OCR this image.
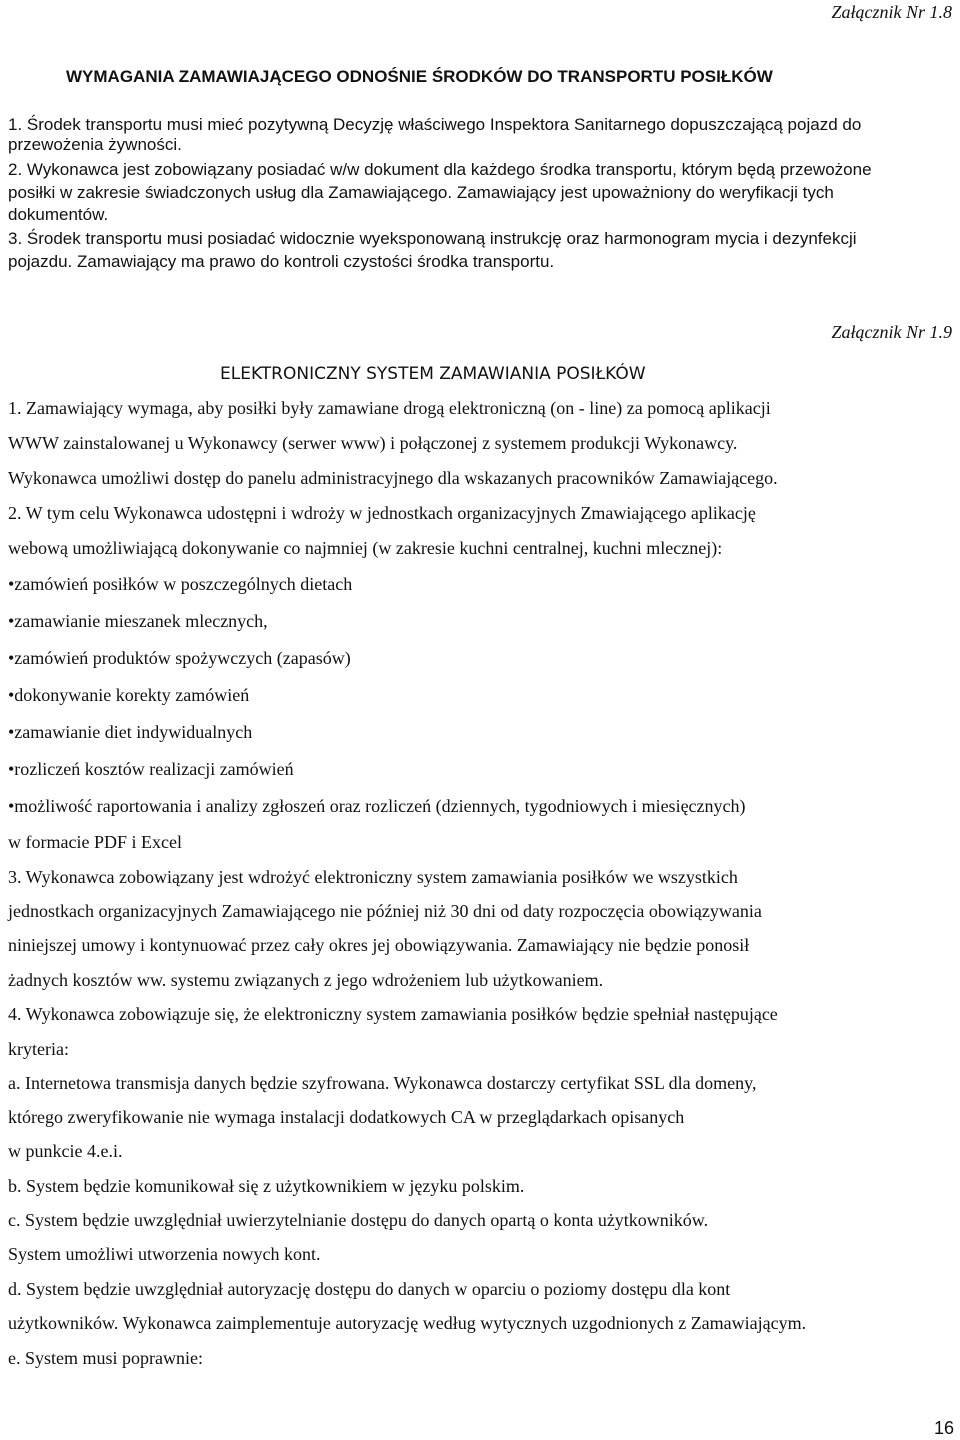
Załącznik Nr 1.8
WYMAGANIA ZAMAWIAJĄCEGO ODNOŚNIE ŚRODKÓW DO TRANSPORTU POSIŁKÓW
1. Środek transportu musi mieć pozytywną Decyzję właściwego Inspektora Sanitarnego dopuszczającą pojazd do
przewożenia żywności.
2. Wykonawca jest zobowiązany posiadać w/w dokument dla każdego środka transportu, którym będą przewożone
posiłki w zakresie świadczonych usług dla Zamawiającego. Zamawiający jest upoważniony do weryfikacji tych
dokumentów.
3. Środek transportu musi posiadać widocznie wyeksponowaną instrukcję oraz harmonogram mycia i dezynfekcji
pojazdu. Zamawiający ma prawo do kontroli czystości środka transportu.
Załącznik Nr 1.9
ELEKTRONICZNY SYSTEM ZAMAWIANIA POSIŁKÓW
1. Zamawiający wymaga, aby posiłki były zamawiane drogą elektroniczną (on - line) za pomocą aplikacji
WWW zainstalowanej u Wykonawcy (serwer www) i połączonej z systemem produkcji Wykonawcy.
Wykonawca umożliwi dostęp do panelu administracyjnego dla wskazanych pracowników Zamawiającego.
2. W tym celu Wykonawca udostępni i wdroży w jednostkach organizacyjnych Zmawiającego aplikację
webową umożliwiającą dokonywanie co najmniej (w zakresie kuchni centralnej, kuchni mlecznej):
•zamówień posiłków w poszczególnych dietach
•zamawianie mieszanek mlecznych,
•zamówień produktów spożywczych (zapasów)
•dokonywanie korekty zamówień
•zamawianie diet indywidualnych
•rozliczeń kosztów realizacji zamówień
•możliwość raportowania i analizy zgłoszeń oraz rozliczeń (dziennych, tygodniowych i miesięcznych)
w formacie PDF i Excel
3. Wykonawca zobowiązany jest wdrożyć elektroniczny system zamawiania posiłków we wszystkich
jednostkach organizacyjnych Zamawiającego nie później niż 30 dni od daty rozpoczęcia obowiązywania
niniejszej umowy i kontynuować przez cały okres jej obowiązywania. Zamawiający nie będzie ponosił
żadnych kosztów ww. systemu związanych z jego wdrożeniem lub użytkowaniem.
4. Wykonawca zobowiązuje się, że elektroniczny system zamawiania posiłków będzie spełniał następujące
kryteria:
a. Internetowa transmisja danych będzie szyfrowana. Wykonawca dostarczy certyfikat SSL dla domeny,
którego zweryfikowanie nie wymaga instalacji dodatkowych CA w przeglądarkach opisanych
w punkcie 4.e.i.
b. System będzie komunikował się z użytkownikiem w języku polskim.
c. System będzie uwzględniał uwierzytelnianie dostępu do danych opartą o konta użytkowników.
System umożliwi utworzenia nowych kont.
d. System będzie uwzględniał autoryzację dostępu do danych w oparciu o poziomy dostępu dla kont
użytkowników. Wykonawca zaimplementuje autoryzację według wytycznych uzgodnionych z Zamawiającym.
e. System musi poprawnie:
16
